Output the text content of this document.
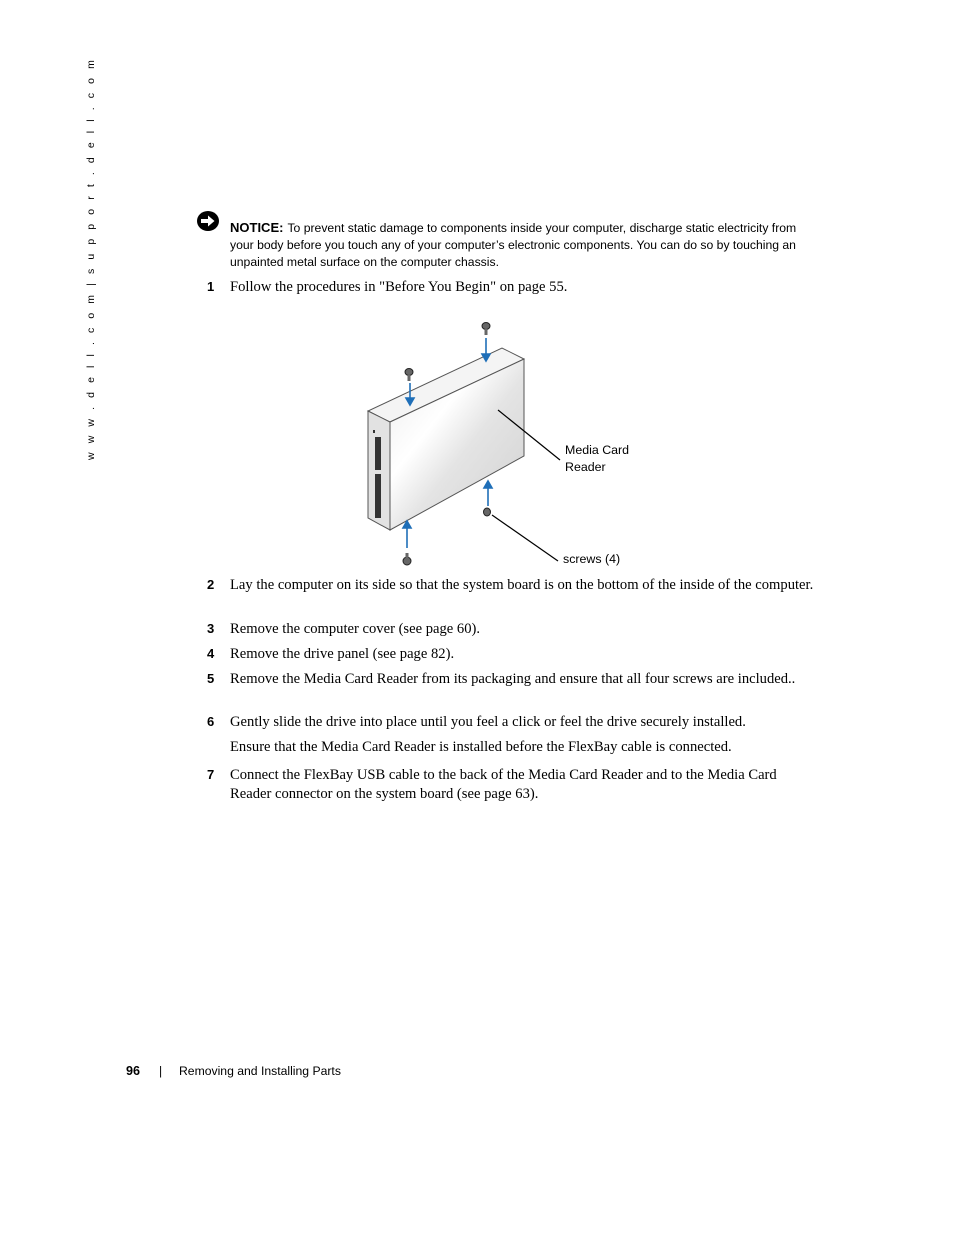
w w w . d e l l . c o m | s u p p o r t . d e l l . c o m	NOTICE: To prevent static damage to components inside your computer, discharge static electricity from your body before you touch any of your computer’s electronic components. You can do so by touching an unpainted metal surface on the computer chassis.
1 Follow the procedures in "Before You Begin" on page 55.
Media Card
Reader
screws (4)
2 Lay the computer on its side so that the system board is on the bottom of the inside of the computer.
3 Remove the computer cover (see page 60).
4 Remove the drive panel (see page 82).
5 Remove the Media Card Reader from its packaging and ensure that all four screws are included..
6 Gently slide the drive into place until you feel a click or feel the drive securely installed.
Ensure that the Media Card Reader is installed before the FlexBay cable is connected.
7 Connect the FlexBay USB cable to the back of the Media Card Reader and to the Media Card Reader connector on the system board (see page 63).
96 | Removing and Installing Parts
